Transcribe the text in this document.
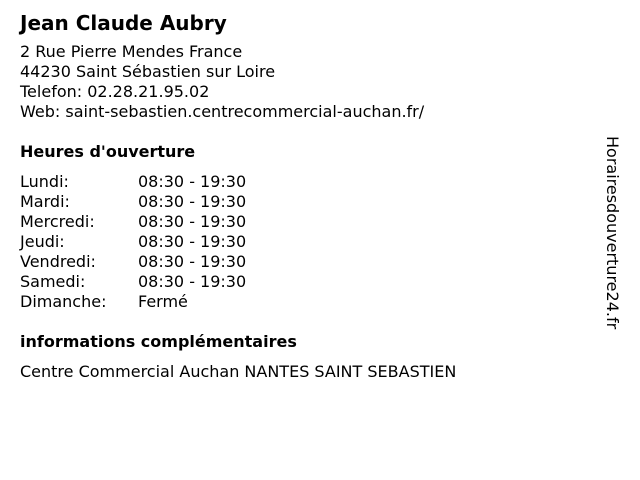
Jean Claude Aubry
2 Rue Pierre Mendes France
44230 Saint Sébastien sur Loire
Telefon: 02.28.21.95.02
Web: saint-sebastien.centrecommercial-auchan.fr/
Heures d'ouverture
Lundi:	08:30 - 19:30
Mardi:	08:30 - 19:30
Mercredi:	08:30 - 19:30
Jeudi:	08:30 - 19:30
Vendredi:	08:30 - 19:30
Samedi:	08:30 - 19:30
Dimanche:	Fermé
informations complémentaires
Centre Commercial Auchan NANTES SAINT SEBASTIEN
Horairesdouverture24.fr
